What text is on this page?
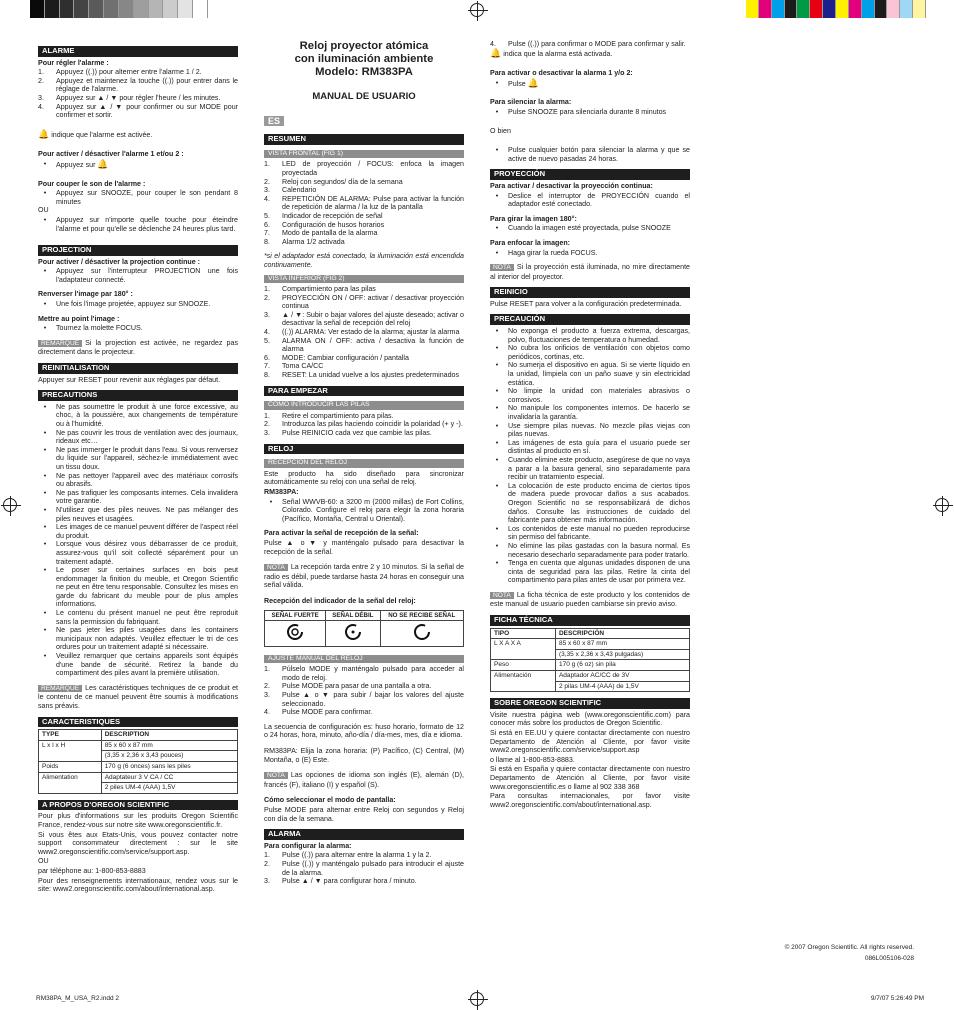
ALARME

Pour régler l'alarme :

1.	Appuyez ((.)) pour alterner entre l'alarme 1 / 2.
2.	Appuyez et maintenez la touche ((.)) pour entrer dans le réglage de l'alarme.
3.	Appuyez sur ▲ / ▼ pour régler l'heure / les minutes.
4.	Appuyez sur ▲ / ▼ pour confirmer ou sur MODE pour confirmer et sortir.

🔔 indique que l'alarme est activée.

Pour activer / désactiver l'alarme 1 et/ou 2 :

•	Appuyez sur 🔔

Pour couper le son de l'alarme :

•	Appuyez sur SNOOZE, pour couper le son pendant 8 minutes

OU

•	Appuyez sur n'importe quelle touche pour éteindre l'alarme et pour qu'elle se déclenche 24 heures plus tard.
PROJECTION

Pour activer / désactiver la projection continue :

•	Appuyez sur l'interrupteur PROJECTION une fois l'adaptateur connecté.

Renverser l'image par 180° :

•	Une fois l'image projetée, appuyez sur SNOOZE.

Mettre au point l'image :

•	Tournez la molette FOCUS.

REMARQUE Si la projection est activée, ne regardez pas directement dans le projecteur.

REINITIALISATION

Appuyer sur RESET pour revenir aux réglages par défaut.

PRECAUTIONS
•	Ne pas soumettre le produit à une force excessive, au choc, à la poussière, aux changements de température ou à l'humidité.
•	Ne pas couvrir les trous de ventilation avec des journaux, rideaux etc…
•	Ne pas immerger le produit dans l'eau. Si vous renversez du liquide sur l'appareil, séchez-le immédiatement avec un tissu doux.
•	Ne pas nettoyer l'appareil avec des matériaux corrosifs ou abrasifs.
•	Ne pas trafiquer les composants internes. Cela invalidera votre garantie.
•	N'utilisez que des piles neuves. Ne pas mélanger des piles neuves et usagées.
•	Les images de ce manuel peuvent différer de l'aspect réel du produit.
•	Lorsque vous désirez vous débarrasser de ce produit, assurez-vous qu'il soit collecté séparément pour un traitement adapté.
•	Le poser sur certaines surfaces en bois peut endommager la finition du meuble, et Oregon Scientific ne peut en être tenu responsable. Consultez les mises en garde du fabricant du meuble pour de plus amples informations.
•	Le contenu du présent manuel ne peut être reproduit sans la permission du fabriquant.
•	Ne pas jeter les piles usagées dans les containers municipaux non adaptés. Veuillez effectuer le tri de ces ordures pour un traitement adapté si nécessaire.
•	Veuillez remarquer que certains appareils sont équipés d'une bande de sécurité. Retirez la bande du compartiment des piles avant la première utilisation.

REMARQUE Les caractéristiques techniques de ce produit et le contenu de ce manuel peuvent être soumis à modifications sans préavis.

CARACTERISTIQUES
TYPE	DESCRIPTION
L x l x H	85 x 60 x 87 mm
	(3,35 x 2,36 x 3,43 pouces)
Poids	170 g (6 onces) sans les piles
Alimentation	Adaptateur 3 V CA / CC
	2 piles UM-4 (AAA) 1,5V
A PROPOS D'OREGON SCIENTIFIC

Pour plus d'informations sur les produits Oregon Scientific France, rendez-vous sur notre site www.oregonscientific.fr.

Si vous êtes aux Etats-Unis, vous pouvez contacter notre support consommateur directement : sur le site www2.oregonscientific.com/service/support.asp.

OU

par téléphone au: 1-800-853-8883

Pour des renseignements internationaux, rendez vous sur le site: www2.oregonscientific.com/about/international.asp.

Reloj proyector atómica
con iluminación ambiente
Modelo: RM383PA
MANUAL DE USUARIO
ES
RESUMEN
VISTA FRONTAL (FIG 1)
1.	LED de proyección / FOCUS: enfoca la imagen proyectada
2.	Reloj con segundos/ día de la semana
3.	Calendario
4.	REPETICIÓN DE ALARMA: Pulse para activar la función de repetición de alarma / la luz de la pantalla
5.	Indicador de recepción de señal
6.	Configuración de husos horarios
7.	Modo de pantalla de la alarma
8.	Alarma 1/2 activada

*si el adaptador está conectado, la iluminación está encendida continuamente.

VISTA INFERIOR (FIG 2)
1.	Compartimiento para las pilas
2.	PROYECCIÓN ON / OFF: activar / desactivar proyección continua
3.	▲ / ▼: Subir o bajar valores del ajuste deseado; activar o desactivar la señal de recepción del reloj
4.	((.)) ALARMA: Ver estado de la alarma; ajustar la alarma
5.	ALARMA ON / OFF: activa / desactiva la función de alarma
6.	MODE: Cambiar configuración / pantalla
7.	Toma CA/CC
8.	RESET: La unidad vuelve a los ajustes predeterminados
PARA EMPEZAR
CÓMO INTRODUCIR LAS PILAS
1.	Retire el compartimiento para pilas.
2.	Introduzca las pilas haciendo coincidir la polaridad (+ y -).
3.	Pulse REINICIO cada vez que cambie las pilas.
RELOJ
RECEPCIÓN DEL RELOJ

Este producto ha sido diseñado para sincronizar automáticamente su reloj con una señal de reloj.

RM383PA:

•	Señal WWVB-60: a 3200 m (2000 millas) de Fort Collins, Colorado. Configure el reloj para elegir la zona horaria (Pacífico, Montaña, Central u Oriental).

Para activar la señal de recepción de la señal:

Pulse ▲ o ▼ y manténgalo pulsado para desactivar la recepción de la señal.

NOTA La recepción tarda entre 2 y 10 minutos. Si la señal de radio es débil, puede tardarse hasta 24 horas en conseguir una señal válida.

Recepción del indicador de la señal del reloj:

SEÑAL FUERTE	SEÑAL DÉBIL	NO SE RECIBE SEÑAL

AJUSTE MANUAL DEL RELOJ
1.	Púlselo MODE y manténgalo pulsado para acceder al modo de reloj.
2.	Pulse MODE para pasar de una pantalla a otra.
3.	Pulse ▲ o ▼ para subir / bajar los valores del ajuste seleccionado.
4.	Pulse MODE para confirmar.

La secuencia de configuración es: huso horario, formato de 12 o 24 horas, hora, minuto, año-día / día-mes, mes, día e idioma.

RM383PA: Elija la zona horaria: (P) Pacífico, (C) Central, (M) Montaña, o (E) Este.

NOTA Las opciones de idioma son inglés (E), alemán (D), francés (F), italiano (I) y español (S).

Cómo seleccionar el modo de pantalla:

Pulse MODE para alternar entre Reloj con segundos y Reloj con día de la semana.

ALARMA

Para configurar la alarma:

1.	Pulse ((.)) para alternar entre la alarma 1 y la 2.
2.	Pulse ((.)) y manténgalo pulsado para introducir el ajuste de la alarma.
3.	Pulse ▲ / ▼ para configurar hora / minuto.
4.	Pulse ((.)) para confirmar o MODE para confirmar y salir.

🔔 indica que la alarma está activada.

Para activar o desactivar la alarma 1 y/o 2:

•	Pulse 🔔

Para silenciar la alarma:

•	Pulse SNOOZE para silenciarla durante 8 minutos

O bien

•	Pulse cualquier botón para silenciar la alarma y que se active de nuevo pasadas 24 horas.
PROYECCIÓN

Para activar / desactivar la proyección continua:

•	Deslice el interruptor de PROYECCIÓN cuando el adaptador esté conectado.

Para girar la imagen 180°:

•	Cuando la imagen esté proyectada, pulse SNOOZE

Para enfocar la imagen:

•	Haga girar la rueda FOCUS.

NOTA Si la proyección está iluminada, no mire directamente al interior del proyector.

REINICIO

Pulse RESET para volver a la configuración predeterminada.

PRECAUCIÓN
•	No exponga el producto a fuerza extrema, descargas, polvo, fluctuaciones de temperatura o humedad.
•	No cubra los orificios de ventilación con objetos como periódicos, cortinas, etc.
•	No sumerja el dispositivo en agua. Si se vierte líquido en la unidad, límpiela con un paño suave y sin electricidad estática.
•	No limpie la unidad con materiales abrasivos o corrosivos.
•	No manipule los componentes internos. De hacerlo se invalidaría la garantía.
•	Use siempre pilas nuevas. No mezcle pilas viejas con pilas nuevas.
•	Las imágenes de esta guía para el usuario puede ser distintas al producto en sí.
•	Cuando elimine este producto, asegúrese de que no vaya a parar a la basura general, sino separadamente para recibir un tratamiento especial.
•	La colocación de este producto encima de ciertos tipos de madera puede provocar daños a sus acabados. Oregon Scientific no se responsabilizará de dichos daños. Consulte las instrucciones de cuidado del fabricante para obtener más información.
•	Los contenidos de este manual no pueden reproducirse sin permiso del fabricante.
•	No elimine las pilas gastadas con la basura normal. Es necesario desecharlo separadamente para poder tratarlo.
•	Tenga en cuenta que algunas unidades disponen de una cinta de seguridad para las pilas. Retire la cinta del compartimento para pilas antes de usar por primera vez.

NOTA La ficha técnica de este producto y los contenidos de este manual de usuario pueden cambiarse sin previo aviso.

FICHA TÉCNICA
TIPO	DESCRIPCIÓN
L X A X A	85 x 60 x 87 mm
	(3,35 x 2,36 x 3,43 pulgadas)
Peso	170 g (6 oz) sin pila
Alimentación	Adaptador AC/CC de 3V
	2 pilas UM-4 (AAA) de 1,5V
SOBRE OREGON SCIENTIFIC

Visite nuestra página web (www.oregonscientific.com) para conocer más sobre los productos de Oregon Scientific.

Si está en EE.UU y quiere contactar directamente con nuestro Departamento de Atención al Cliente, por favor visite www2.oregonscientific.com/service/support.asp

o llame al 1-800-853-8883.

Si está en España y quiere contactar directamente con nuestro Departamento de Atención al Cliente, por favor visite www.oregonscientific.es o llame al 902 338 368

Para consultas internacionales, por favor visite www2.oregonscientific.com/about/international.asp.

© 2007 Oregon Scientific. All rights reserved.
086L005106-028
RM38PA_M_USA_R2.indd 2	9/7/07 5:26:49 PM
